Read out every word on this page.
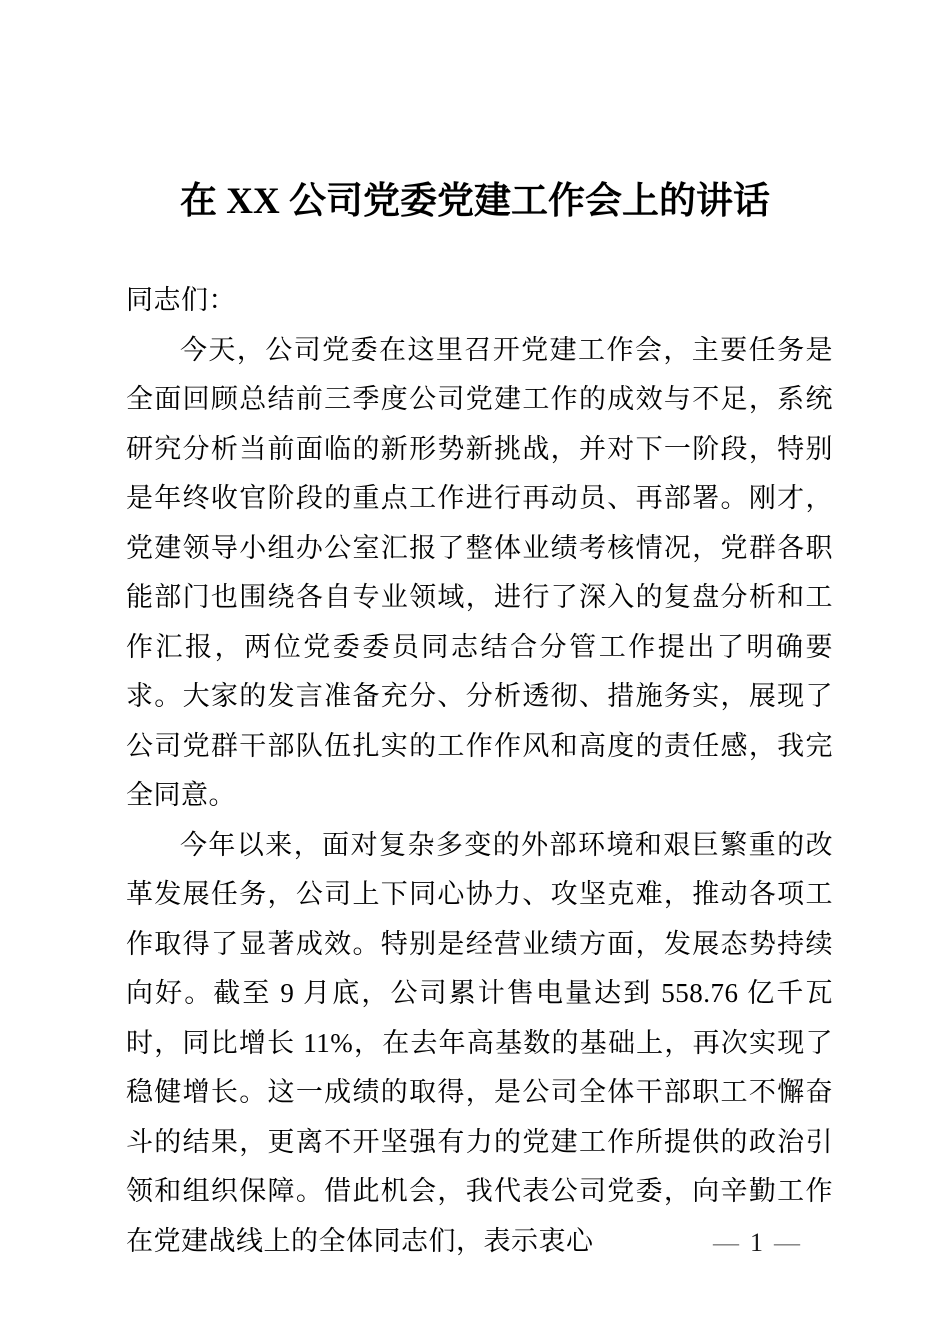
在 XX 公司党委党建工作会上的讲话

同志们：

今天，公司党委在这里召开党建工作会，主要任务是全面回顾总结前三季度公司党建工作的成效与不足，系统研究分析当前面临的新形势新挑战，并对下一阶段，特别是年终收官阶段的重点工作进行再动员、再部署。刚才，党建领导小组办公室汇报了整体业绩考核情况，党群各职能部门也围绕各自专业领域，进行了深入的复盘分析和工作汇报，两位党委委员同志结合分管工作提出了明确要求。大家的发言准备充分、分析透彻、措施务实，展现了公司党群干部队伍扎实的工作作风和高度的责任感，我完全同意。

今年以来，面对复杂多变的外部环境和艰巨繁重的改革发展任务，公司上下同心协力、攻坚克难，推动各项工作取得了显著成效。特别是经营业绩方面，发展态势持续向好。截至 9 月底，公司累计售电量达到 558.76 亿千瓦时，同比增长 11%，在去年高基数的基础上，再次实现了稳健增长。这一成绩的取得，是公司全体干部职工不懈奋斗的结果，更离不开坚强有力的党建工作所提供的政治引领和组织保障。借此机会，我代表公司党委，向辛勤工作在党建战线上的全体同志们，表示衷心	— 1 —
